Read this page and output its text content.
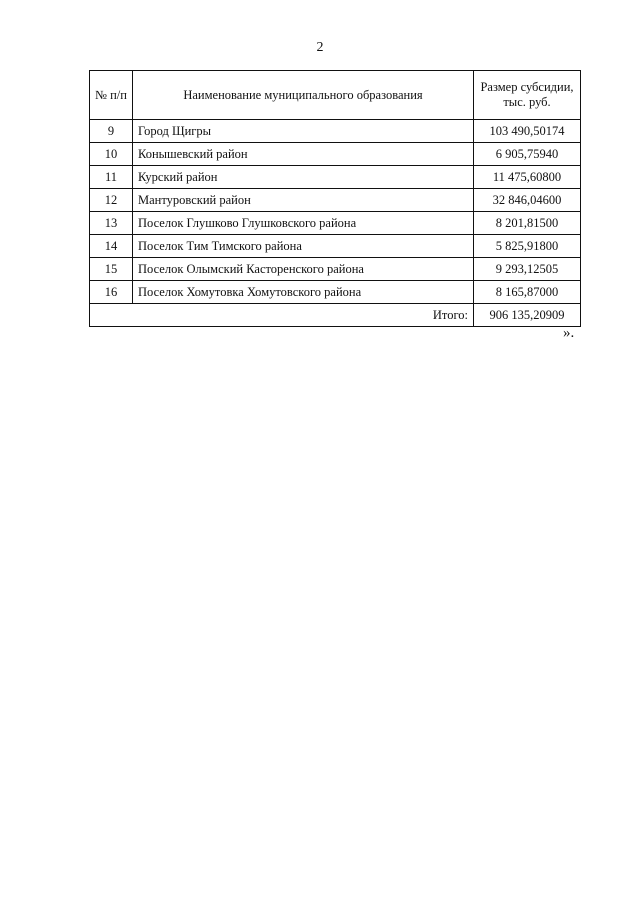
2
№ п/п	Наименование муниципального образования	Размер субсидии, тыс. руб.
9	Город Щигры	103 490,50174
10	Конышевский район	6 905,75940
11	Курский район	11 475,60800
12	Мантуровский район	32 846,04600
13	Поселок Глушково Глушковского района	8 201,81500
14	Поселок Тим Тимского района	5 825,91800
15	Поселок Олымский Касторенского района	9 293,12505
16	Поселок Хомутовка Хомутовского района	8 165,87000
Итого:		906 135,20909
».
